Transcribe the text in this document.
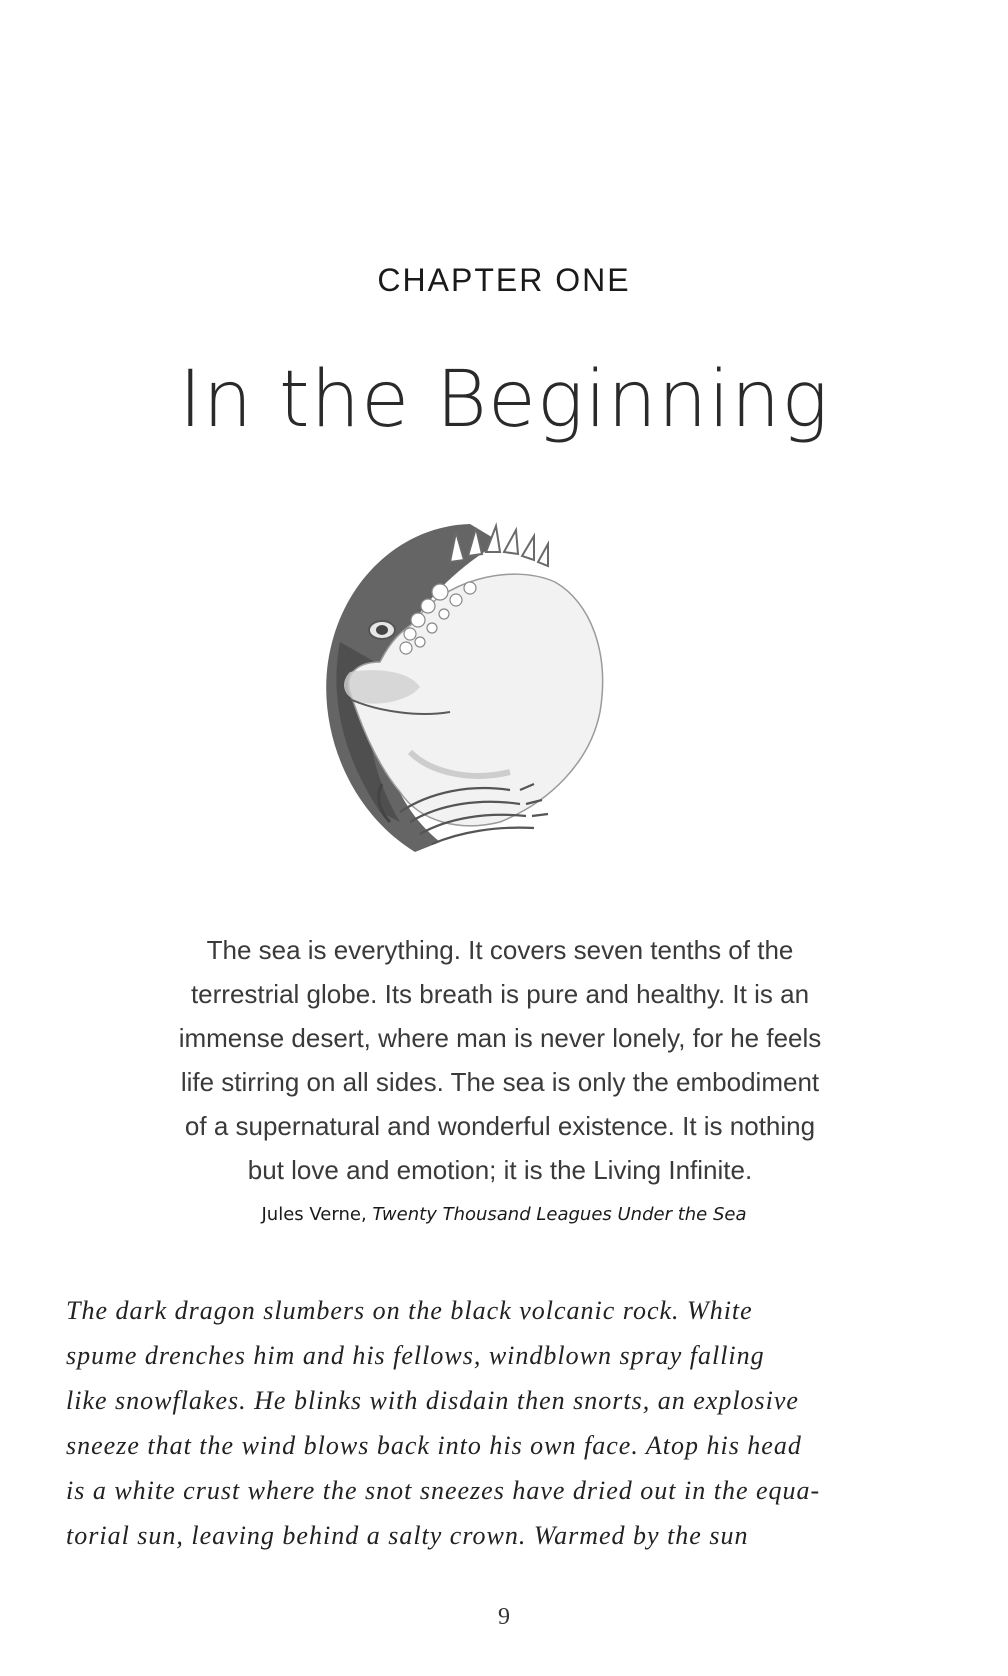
CHAPTER ONE
In the Beginning

The sea is everything. It covers seven tenths of the
terrestrial globe. Its breath is pure and healthy. It is an
immense desert, where man is never lonely, for he feels
life stirring on all sides. The sea is only the embodiment
of a supernatural and wonderful existence. It is nothing
but love and emotion; it is the Living Infinite.

Jules Verne, Twenty Thousand Leagues Under the Sea
The dark dragon slumbers on the black volcanic rock. White
spume drenches him and his fellows, windblown spray falling
like snowflakes. He blinks with disdain then snorts, an explosive
sneeze that the wind blows back into his own face. Atop his head
is a white crust where the snot sneezes have dried out in the equa-
torial sun, leaving behind a salty crown. Warmed by the sun
9
